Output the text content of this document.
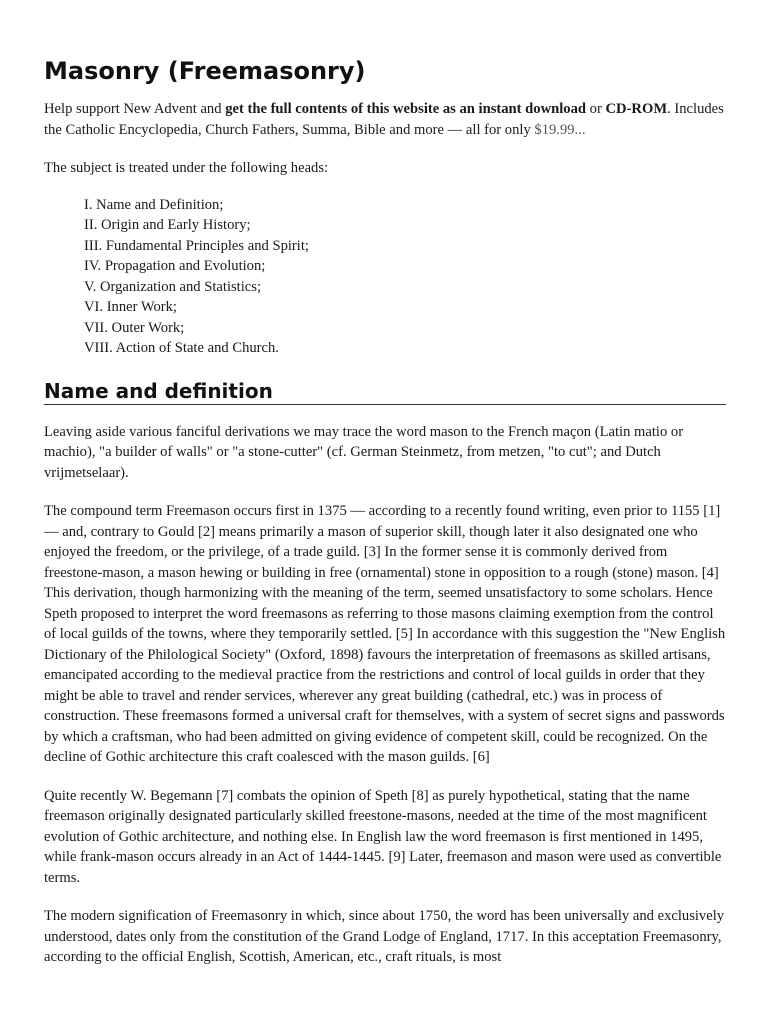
Masonry (Freemasonry)

Help support New Advent and get the full contents of this website as an instant download or CD-ROM. Includes the Catholic Encyclopedia, Church Fathers, Summa, Bible and more — all for only $19.99...

The subject is treated under the following heads:

I. Name and Definition;
II. Origin and Early History;
III. Fundamental Principles and Spirit;
IV. Propagation and Evolution;
V. Organization and Statistics;
VI. Inner Work;
VII. Outer Work;
VIII. Action of State and Church.
Name and definition

Leaving aside various fanciful derivations we may trace the word mason to the French maçon (Latin matio or machio), "a builder of walls" or "a stone-cutter" (cf. German Steinmetz, from metzen, "to cut"; and Dutch vrijmetselaar).

The compound term Freemason occurs first in 1375 — according to a recently found writing, even prior to 1155 [1] — and, contrary to Gould [2] means primarily a mason of superior skill, though later it also designated one who enjoyed the freedom, or the privilege, of a trade guild. [3] In the former sense it is commonly derived from freestone-mason, a mason hewing or building in free (ornamental) stone in opposition to a rough (stone) mason. [4] This derivation, though harmonizing with the meaning of the term, seemed unsatisfactory to some scholars. Hence Speth proposed to interpret the word freemasons as referring to those masons claiming exemption from the control of local guilds of the towns, where they temporarily settled. [5] In accordance with this suggestion the "New English Dictionary of the Philological Society" (Oxford, 1898) favours the interpretation of freemasons as skilled artisans, emancipated according to the medieval practice from the restrictions and control of local guilds in order that they might be able to travel and render services, wherever any great building (cathedral, etc.) was in process of construction. These freemasons formed a universal craft for themselves, with a system of secret signs and passwords by which a craftsman, who had been admitted on giving evidence of competent skill, could be recognized. On the decline of Gothic architecture this craft coalesced with the mason guilds. [6]

Quite recently W. Begemann [7] combats the opinion of Speth [8] as purely hypothetical, stating that the name freemason originally designated particularly skilled freestone-masons, needed at the time of the most magnificent evolution of Gothic architecture, and nothing else. In English law the word freemason is first mentioned in 1495, while frank-mason occurs already in an Act of 1444-1445. [9] Later, freemason and mason were used as convertible terms.

The modern signification of Freemasonry in which, since about 1750, the word has been universally and exclusively understood, dates only from the constitution of the Grand Lodge of England, 1717. In this acceptation Freemasonry, according to the official English, Scottish, American, etc., craft rituals, is most
